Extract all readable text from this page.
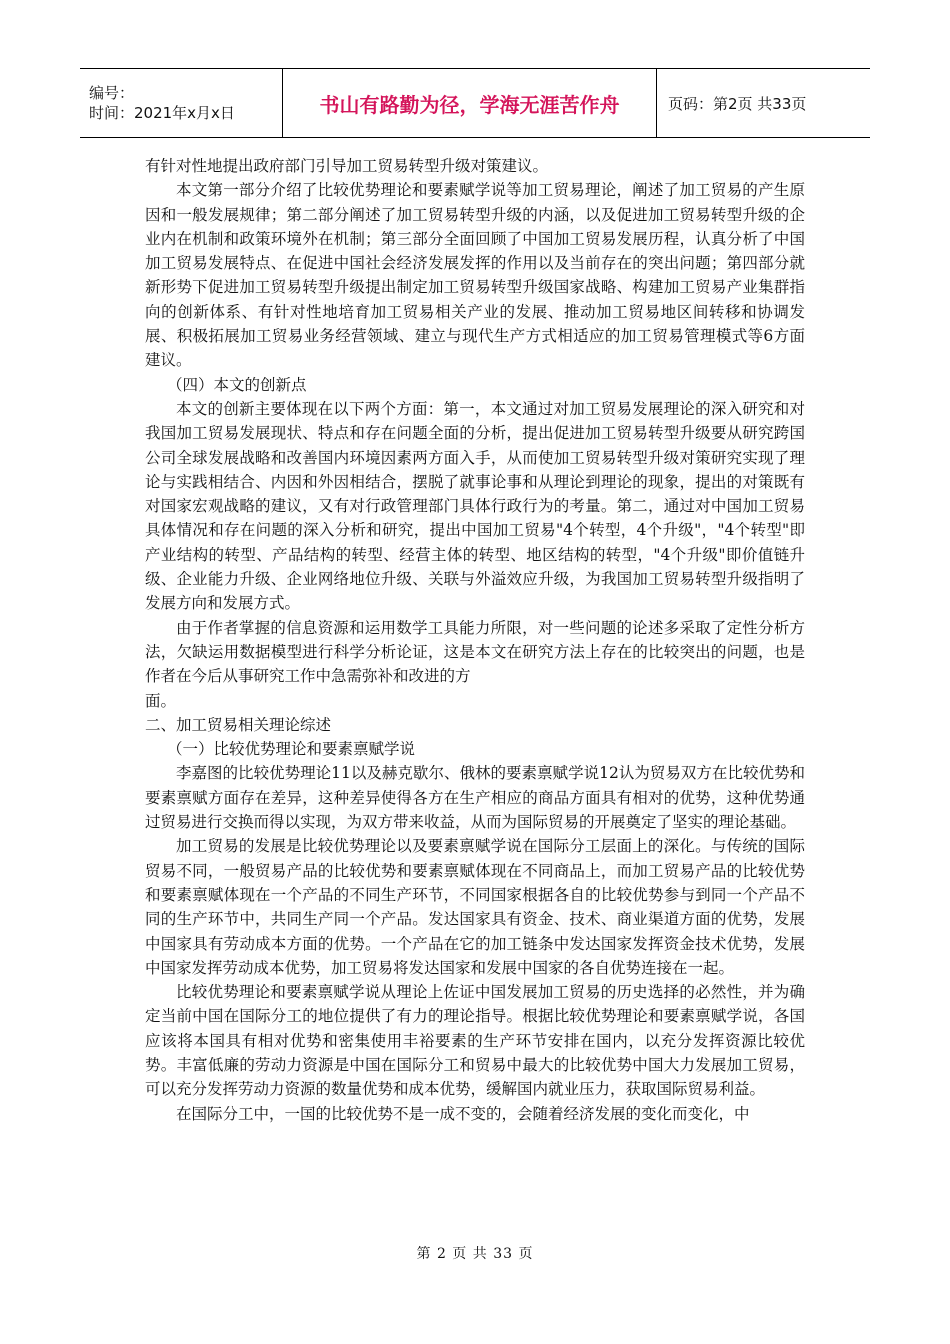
编号：
时间：2021年x月x日	书山有路勤为径，学海无涯苦作舟	页码：第2页 共33页

有针对性地提出政府部门引导加工贸易转型升级对策建议。

本文第一部分介绍了比较优势理论和要素赋学说等加工贸易理论，阐述了加工贸易的产生原因和一般发展规律；第二部分阐述了加工贸易转型升级的内涵，以及促进加工贸易转型升级的企业内在机制和政策环境外在机制；第三部分全面回顾了中国加工贸易发展历程，认真分析了中国加工贸易发展特点、在促进中国社会经济发展发挥的作用以及当前存在的突出问题；第四部分就新形势下促进加工贸易转型升级提出制定加工贸易转型升级国家战略、构建加工贸易产业集群指向的创新体系、有针对性地培育加工贸易相关产业的发展、推动加工贸易地区间转移和协调发展、积极拓展加工贸易业务经营领域、建立与现代生产方式相适应的加工贸易管理模式等6方面建议。

（四）本文的创新点

本文的创新主要体现在以下两个方面：第一，本文通过对加工贸易发展理论的深入研究和对我国加工贸易发展现状、特点和存在问题全面的分析，提出促进加工贸易转型升级要从研究跨国公司全球发展战略和改善国内环境因素两方面入手，从而使加工贸易转型升级对策研究实现了理论与实践相结合、内因和外因相结合，摆脱了就事论事和从理论到理论的现象，提出的对策既有对国家宏观战略的建议，又有对行政管理部门具体行政行为的考量。第二，通过对中国加工贸易具体情况和存在问题的深入分析和研究，提出中国加工贸易"4个转型，4个升级"，"4个转型"即产业结构的转型、产品结构的转型、经营主体的转型、地区结构的转型，"4个升级"即价值链升级、企业能力升级、企业网络地位升级、关联与外溢效应升级，为我国加工贸易转型升级指明了发展方向和发展方式。

由于作者掌握的信息资源和运用数学工具能力所限，对一些问题的论述多采取了定性分析方法，欠缺运用数据模型进行科学分析论证，这是本文在研究方法上存在的比较突出的问题，也是作者在今后从事研究工作中急需弥补和改进的方

面。

二、加工贸易相关理论综述

（一）比较优势理论和要素禀赋学说

李嘉图的比较优势理论11以及赫克歇尔、俄林的要素禀赋学说12认为贸易双方在比较优势和要素禀赋方面存在差异，这种差异使得各方在生产相应的商品方面具有相对的优势，这种优势通过贸易进行交换而得以实现，为双方带来收益，从而为国际贸易的开展奠定了坚实的理论基础。

加工贸易的发展是比较优势理论以及要素禀赋学说在国际分工层面上的深化。与传统的国际贸易不同，一般贸易产品的比较优势和要素禀赋体现在不同商品上，而加工贸易产品的比较优势和要素禀赋体现在一个产品的不同生产环节，不同国家根据各自的比较优势参与到同一个产品不同的生产环节中，共同生产同一个产品。发达国家具有资金、技术、商业渠道方面的优势，发展中国家具有劳动成本方面的优势。一个产品在它的加工链条中发达国家发挥资金技术优势，发展中国家发挥劳动成本优势，加工贸易将发达国家和发展中国家的各自优势连接在一起。

比较优势理论和要素禀赋学说从理论上佐证中国发展加工贸易的历史选择的必然性，并为确定当前中国在国际分工的地位提供了有力的理论指导。根据比较优势理论和要素禀赋学说，各国应该将本国具有相对优势和密集使用丰裕要素的生产环节安排在国内，以充分发挥资源比较优势。丰富低廉的劳动力资源是中国在国际分工和贸易中最大的比较优势中国大力发展加工贸易，可以充分发挥劳动力资源的数量优势和成本优势，缓解国内就业压力，获取国际贸易利益。

在国际分工中，一国的比较优势不是一成不变的，会随着经济发展的变化而变化，中

第 2 页 共 33 页
